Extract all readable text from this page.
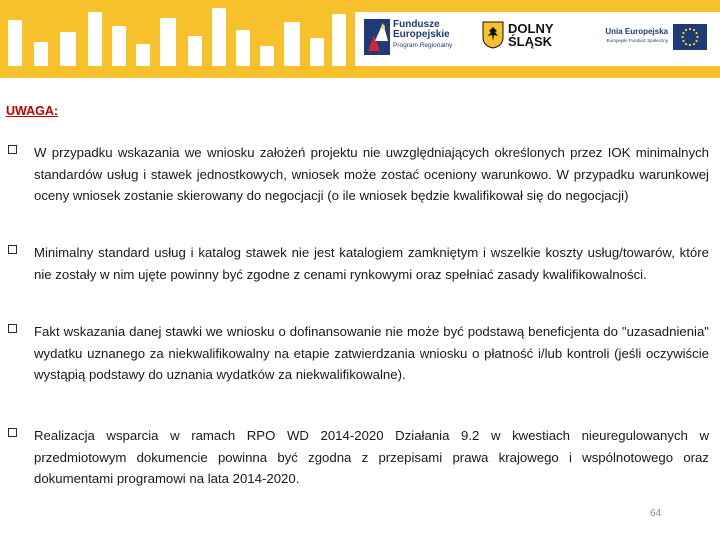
Fundusze
Europejskie
Program Regionalny
DOLNY
ŚLĄSK
Unia Europejska
Europejski Fundusz Społeczny
UWAGA:

W przypadku wskazania we wniosku założeń projektu nie uwzględniających określonych przez IOK minimalnych standardów usług i stawek jednostkowych, wniosek może zostać oceniony warunkowo. W przypadku warunkowej oceny wniosek zostanie skierowany do negocjacji (o ile wniosek będzie kwalifikował się do negocjacji)

Minimalny standard usług i katalog stawek nie jest katalogiem zamkniętym i wszelkie koszty usług/towarów, które nie zostały w nim ujęte powinny być zgodne z cenami rynkowymi oraz spełniać zasady kwalifikowalności.

Fakt wskazania danej stawki we wniosku o dofinansowanie nie może być podstawą beneficjenta do "uzasadnienia" wydatku uznanego za niekwalifikowalny na etapie zatwierdzania wniosku o płatność i/lub kontroli (jeśli oczywiście wystąpią podstawy do uznania wydatków za niekwalifikowalne).

Realizacja wsparcia w ramach RPO WD 2014-2020 Działania 9.2 w kwestiach nieuregulowanych w przedmiotowym dokumencie powinna być zgodna z przepisami prawa krajowego i wspólnotowego oraz dokumentami programowi na lata 2014-2020.

64
